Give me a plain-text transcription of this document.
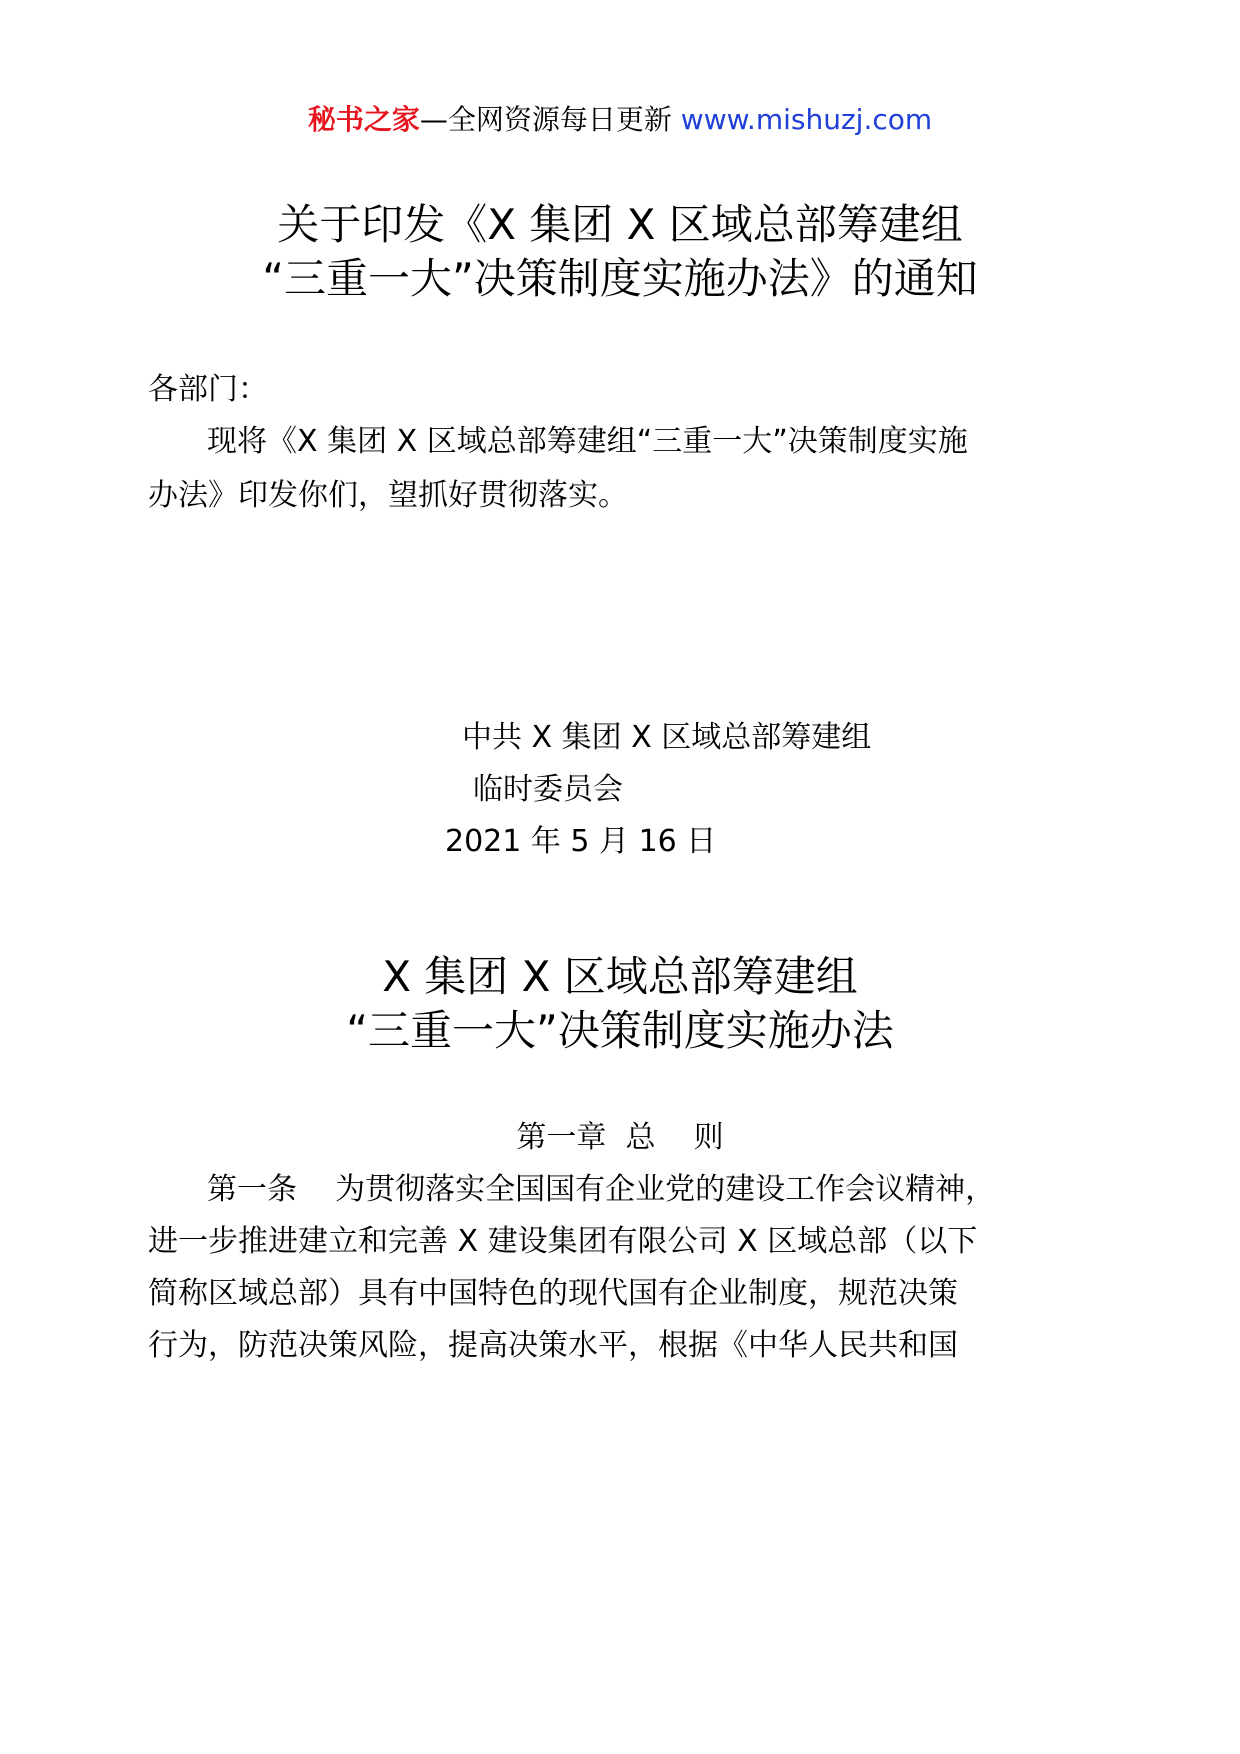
秘书之家—全网资源每日更新 www.mishuzj.com
关于印发《X 集团 X 区域总部筹建组
“三重一大”决策制度实施办法》的通知
各部门：
现将《X 集团 X 区域总部筹建组“三重一大”决策制度实施
办法》印发你们，望抓好贯彻落实。
中共 X 集团 X 区域总部筹建组
临时委员会
2021 年 5 月 16 日
X 集团 X 区域总部筹建组
“三重一大”决策制度实施办法
第一章  总    则
第一条    为贯彻落实全国国有企业党的建设工作会议精神，
进一步推进建立和完善 X 建设集团有限公司 X 区域总部（以下
简称区域总部）具有中国特色的现代国有企业制度，规范决策
行为，防范决策风险，提高决策水平，根据《中华人民共和国
